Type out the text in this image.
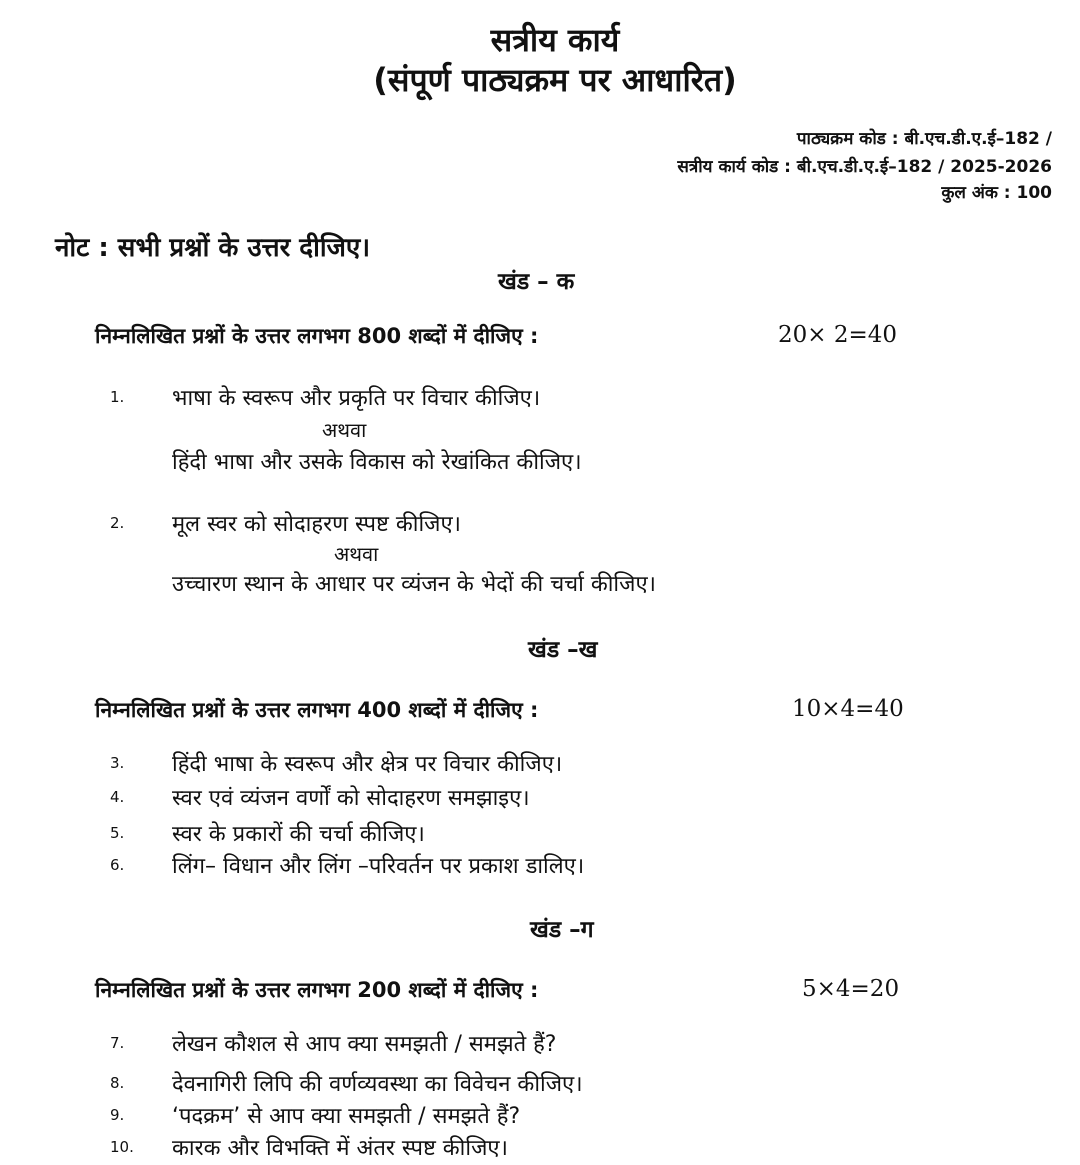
सत्रीय कार्य
(संपूर्ण पाठ्यक्रम पर आधारित)
पाठ्यक्रम कोड : बी.एच.डी.ए.ई–182 /
सत्रीय कार्य कोड : बी.एच.डी.ए.ई–182 / 2025-2026
कुल अंक : 100
नोट : सभी प्रश्नों के उत्तर दीजिए।
खंड – क
निम्नलिखित प्रश्नों के उत्तर लगभग 800 शब्दों में दीजिए :	20× 2=40
1. भाषा के स्वरूप और प्रकृति पर विचार कीजिए।
अथवा
हिंदी भाषा और उसके विकास को रेखांकित कीजिए।
2. मूल स्वर को सोदाहरण स्पष्ट कीजिए।
अथवा
उच्चारण स्थान के आधार पर व्यंजन के भेदों की चर्चा कीजिए।
खंड –ख
निम्नलिखित प्रश्नों के उत्तर लगभग 400 शब्दों में दीजिए :	10×4=40
3. हिंदी भाषा के स्वरूप और क्षेत्र पर विचार कीजिए।
4. स्वर एवं व्यंजन वर्णों को सोदाहरण समझाइए।
5. स्वर के प्रकारों की चर्चा कीजिए।
6. लिंग– विधान और लिंग –परिवर्तन पर प्रकाश डालिए।
खंड –ग
निम्नलिखित प्रश्नों के उत्तर लगभग 200 शब्दों में दीजिए :	5×4=20
7. लेखन कौशल से आप क्या समझती / समझते हैं?
8. देवनागिरी लिपि की वर्णव्यवस्था का विवेचन कीजिए।
9. ‘पदक्रम’ से आप क्या समझती / समझते हैं?
10. कारक और विभक्ति में अंतर स्पष्ट कीजिए।
